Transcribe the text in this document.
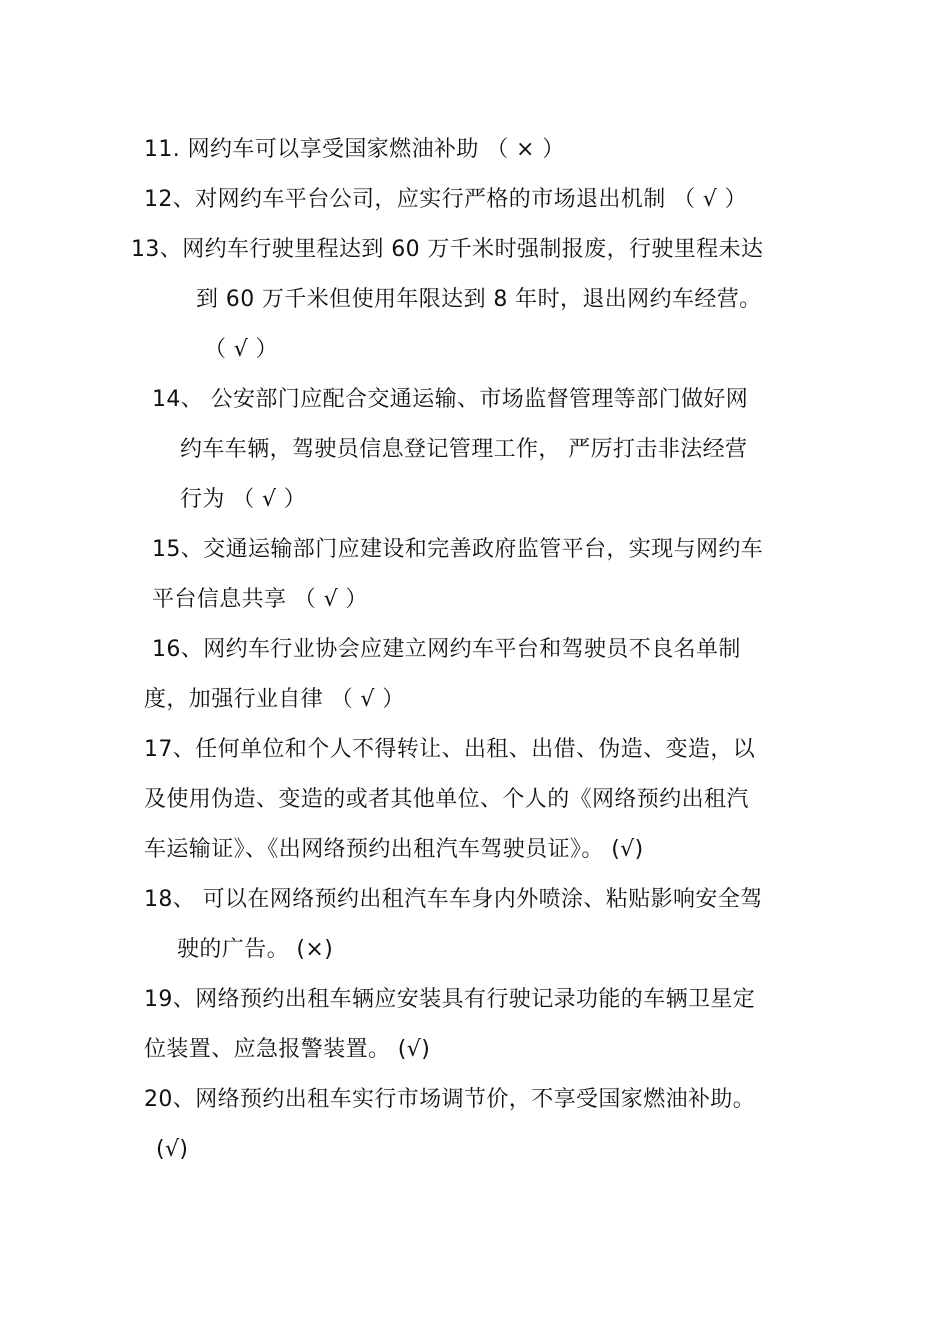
11. 网约车可以享受国家燃油补助 （ × ）
12、对网约车平台公司，应实行严格的市场退出机制 （ √ ）
13、网约车行驶里程达到 60 万千米时强制报废，行驶里程未达
到 60 万千米但使用年限达到 8 年时，退出网约车经营。
（ √ ）
14、 公安部门应配合交通运输、市场监督管理等部门做好网
约车车辆，驾驶员信息登记管理工作， 严厉打击非法经营
行为 （ √ ）
15、交通运输部门应建设和完善政府监管平台，实现与网约车
平台信息共享 （ √ ）
16、网约车行业协会应建立网约车平台和驾驶员不良名单制
度，加强行业自律 （ √ ）
17、任何单位和个人不得转让、出租、出借、伪造、变造，以
及使用伪造、变造的或者其他单位、个人的《网络预约出租汽
车运输证》、《出网络预约出租汽车驾驶员证》。 (√)
18、 可以在网络预约出租汽车车身内外喷涂、粘贴影响安全驾
驶的广告。 (×)
19、网络预约出租车辆应安装具有行驶记录功能的车辆卫星定
位装置、应急报警装置。 (√)
20、网络预约出租车实行市场调节价，不享受国家燃油补助。
(√)
